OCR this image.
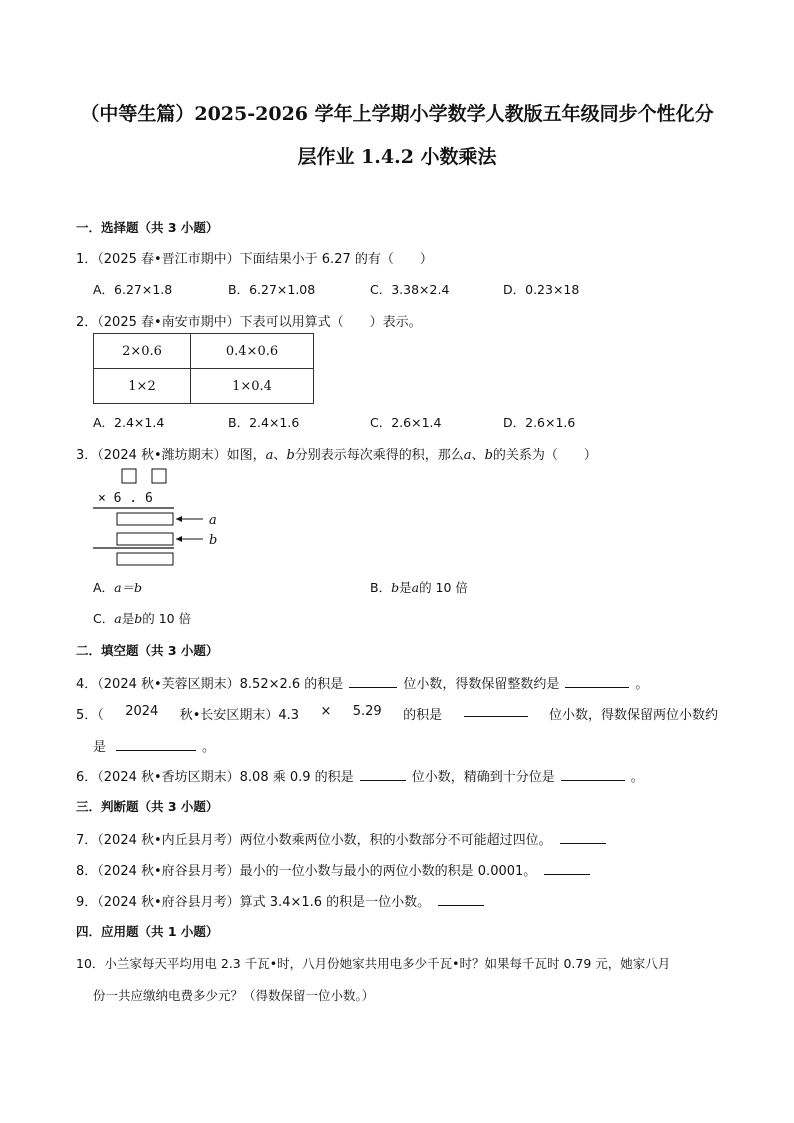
（中等生篇）2025-2026 学年上学期小学数学人教版五年级同步个性化分
层作业 1.4.2 小数乘法
一．选择题（共 3 小题）
1．（2025 春•晋江市期中）下面结果小于 6.27 的有（　　）
A．6.27×1.8	B．6.27×1.08	C．3.38×2.4	D．0.23×18
2．（2025 春•南安市期中）下表可以用算式（　　）表示。
2×0.6	0.4×0.6
1×2	1×0.4
A．2.4×1.4	B．2.4×1.6	C．2.6×1.4	D．2.6×1.6
3．（2024 秋•潍坊期末）如图，a、b分别表示每次乘得的积，那么a、b的关系为（　　）
× 6 . 6
a
b
A．a＝b	B．b是a的 10 倍
C．a是b的 10 倍
二．填空题（共 3 小题）
4．（2024 秋•芙蓉区期末）8.52×2.6 的积是	位小数，得数保留整数约是	。
5．（ 2024 秋•长安区期末）4.3 × 5.29 的积是	位小数，得数保留两位小数约
是	。
6．（2024 秋•香坊区期末）8.08 乘 0.9 的积是	位小数，精确到十分位是	。
三．判断题（共 3 小题）
7．（2024 秋•内丘县月考）两位小数乘两位小数，积的小数部分不可能超过四位。
8．（2024 秋•府谷县月考）最小的一位小数与最小的两位小数的积是 0.0001。
9．（2024 秋•府谷县月考）算式 3.4×1.6 的积是一位小数。
四．应用题（共 1 小题）
10．小兰家每天平均用电 2.3 千瓦•时，八月份她家共用电多少千瓦•时？如果每千瓦时 0.79 元，她家八月
份一共应缴纳电费多少元？（得数保留一位小数。）
